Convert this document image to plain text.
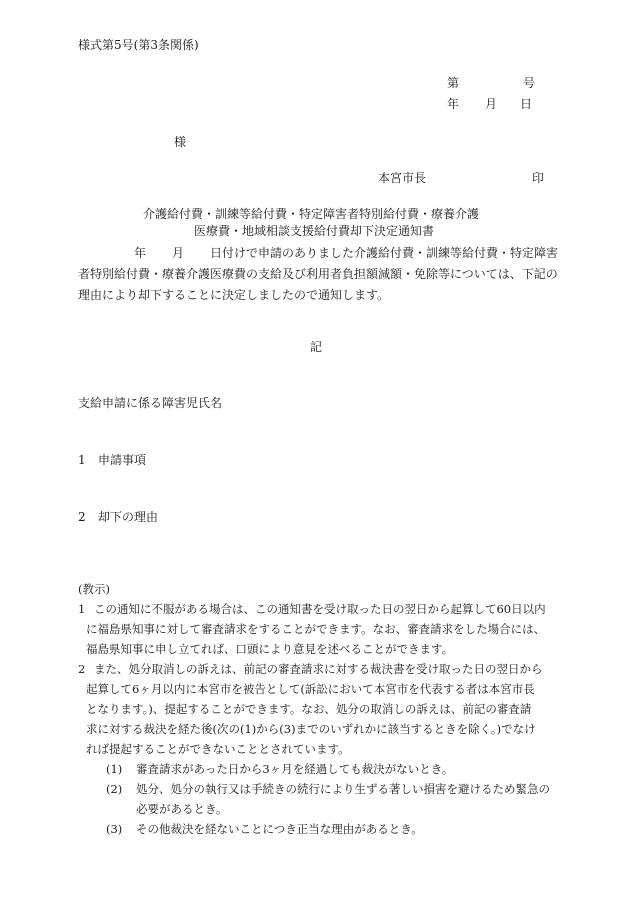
様式第5号(第3条関係)
第	号
年 月 日
様
本宮市長	印
介護給付費・訓練等給付費・特定障害者特別給付費・療養介護
医療費・地域相談支援給付費却下決定通知書
年 月 日付けで申請のありました介護給付費・訓練等給付費・特定障害
者特別給付費・療養介護医療費の支給及び利用者負担額減額・免除等については、下記の
理由により却下することに決定しましたので通知します。
記
支給申請に係る障害児氏名
1 申請事項
2 却下の理由
(教示)
1 この通知に不服がある場合は、この通知書を受け取った日の翌日から起算して60日以内
に福島県知事に対して審査請求をすることができます。なお、審査請求をした場合には、
福島県知事に申し立てれば、口頭により意見を述べることができます。
2 また、処分取消しの訴えは、前記の審査請求に対する裁決書を受け取った日の翌日から
起算して6ヶ月以内に本宮市を被告として(訴訟において本宮市を代表する者は本宮市長
となります。)、提起することができます。なお、処分の取消しの訴えは、前記の審査請
求に対する裁決を経た後(次の(1)から(3)までのいずれかに該当するときを除く。)でなけ
れば提起することができないこととされています。
(1) 審査請求があった日から3ヶ月を経過しても裁決がないとき。
(2) 処分、処分の執行又は手続きの続行により生ずる著しい損害を避けるため緊急の
必要があるとき。
(3) その他裁決を経ないことにつき正当な理由があるとき。
